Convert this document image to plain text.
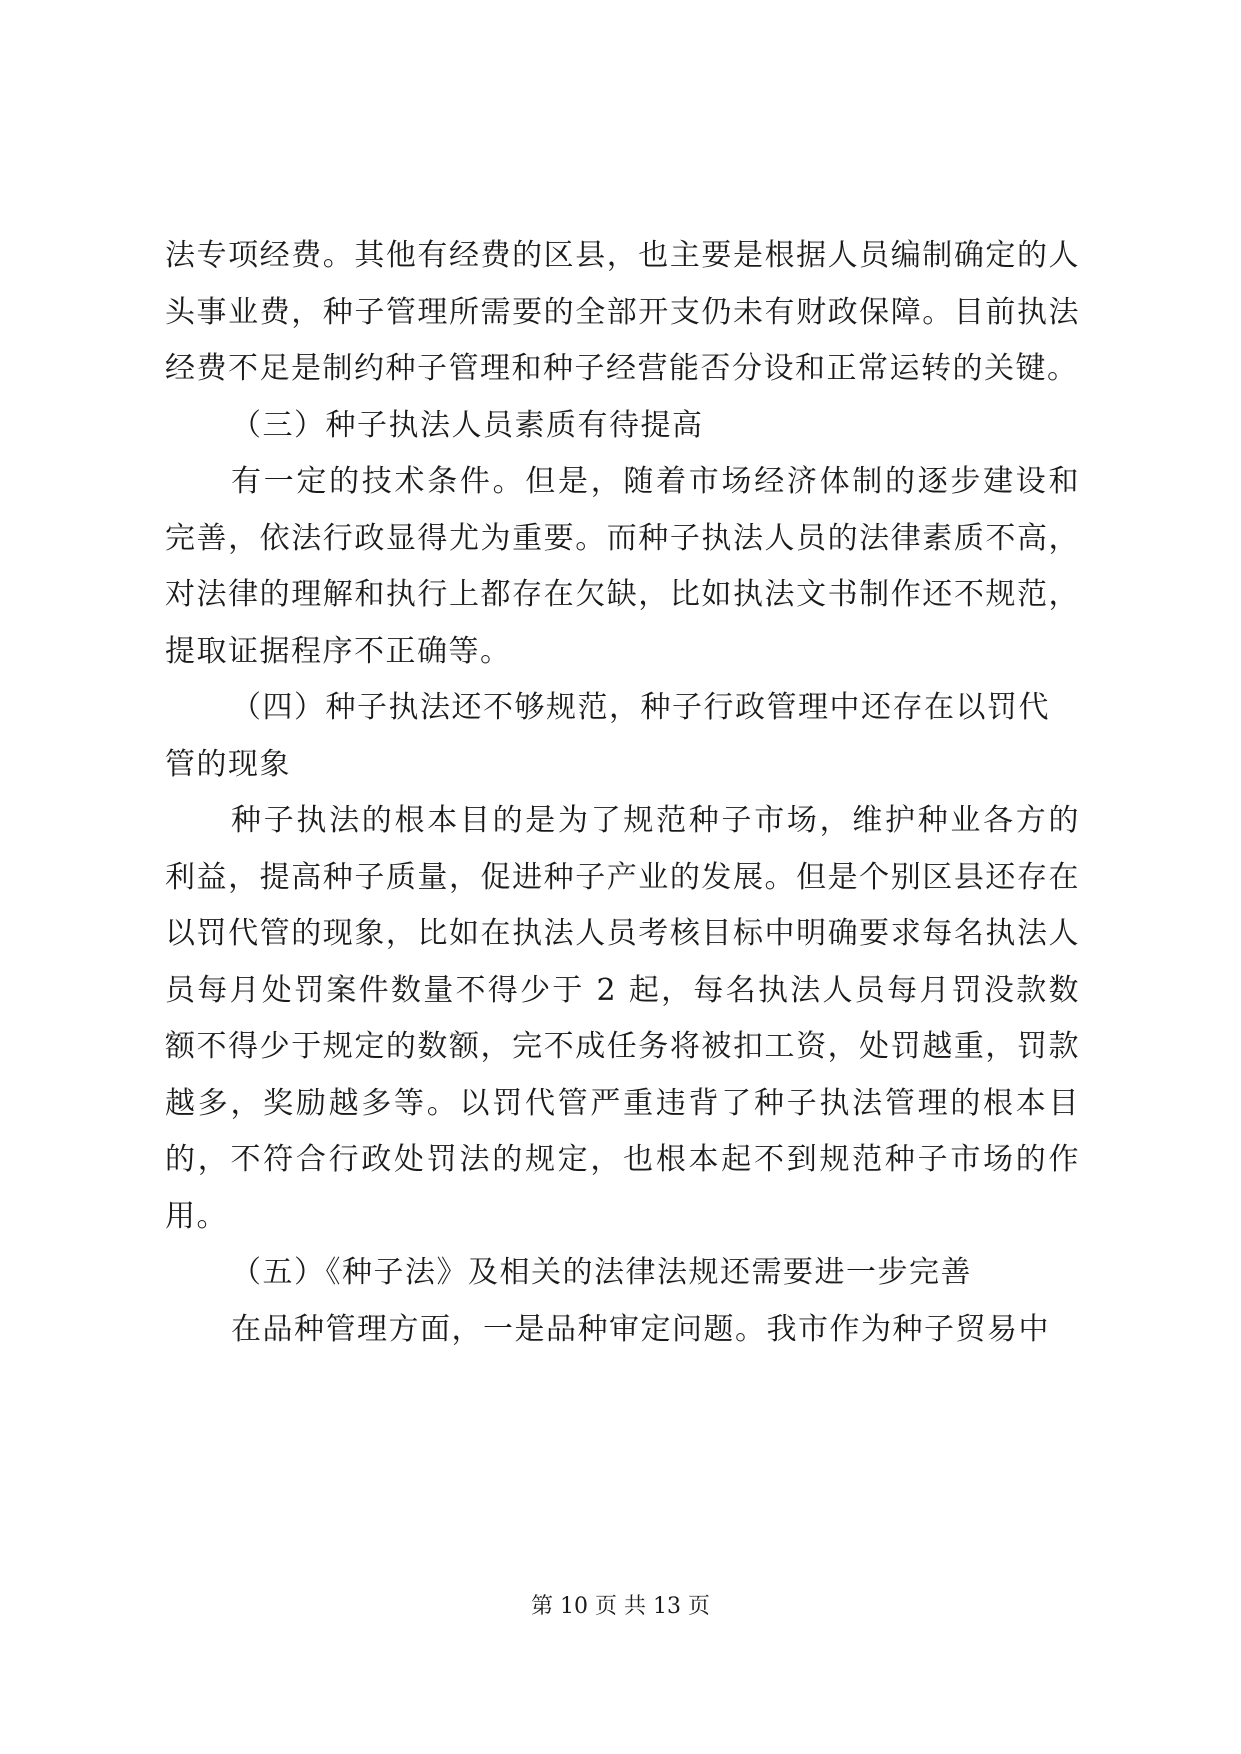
法专项经费。其他有经费的区县，也主要是根据人员编制确定的人头事业费，种子管理所需要的全部开支仍未有财政保障。目前执法经费不足是制约种子管理和种子经营能否分设和正常运转的关键。

（三）种子执法人员素质有待提高

有一定的技术条件。但是，随着市场经济体制的逐步建设和完善，依法行政显得尤为重要。而种子执法人员的法律素质不高，对法律的理解和执行上都存在欠缺，比如执法文书制作还不规范，提取证据程序不正确等。

（四）种子执法还不够规范，种子行政管理中还存在以罚代管的现象

种子执法的根本目的是为了规范种子市场，维护种业各方的利益，提高种子质量，促进种子产业的发展。但是个别区县还存在以罚代管的现象，比如在执法人员考核目标中明确要求每名执法人员每月处罚案件数量不得少于 2 起，每名执法人员每月罚没款数额不得少于规定的数额，完不成任务将被扣工资，处罚越重，罚款越多，奖励越多等。以罚代管严重违背了种子执法管理的根本目的，不符合行政处罚法的规定，也根本起不到规范种子市场的作用。

（五）《种子法》及相关的法律法规还需要进一步完善

在品种管理方面，一是品种审定问题。我市作为种子贸易中

第 10 页 共 13 页
